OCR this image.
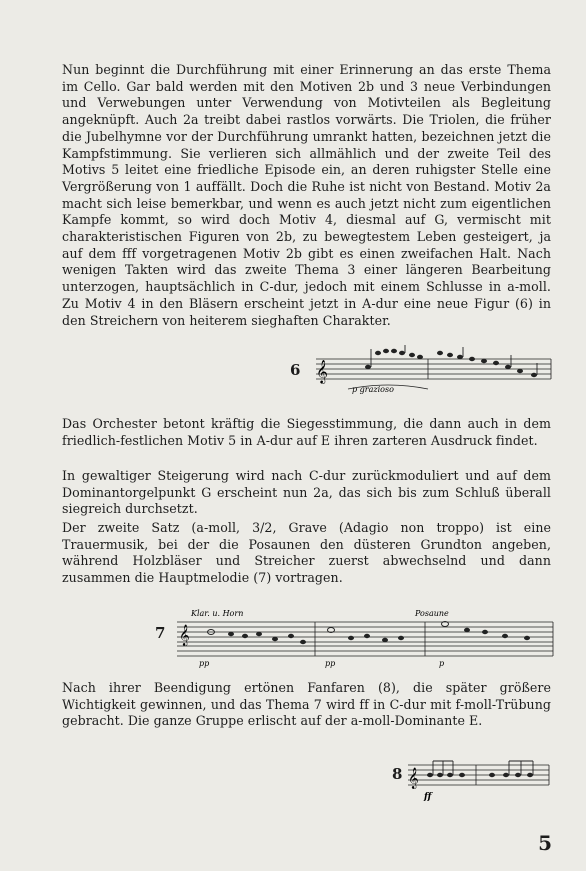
Nun beginnt die Durchführung mit einer Erinnerung an das erste Thema im Cello. Gar bald werden mit den Motiven 2b und 3 neue Verbindungen und Verwebungen unter Verwendung von Motivteilen als Begleitung angeknüpft. Auch 2a treibt dabei rastlos vorwärts. Die Triolen, die früher die Jubelhymne vor der Durchführung umrankt hatten, bezeichnen jetzt die Kampfstimmung. Sie verlieren sich allmählich und der zweite Teil des Motivs 5 leitet eine friedliche Episode ein, an deren ruhigster Stelle eine Vergrößerung von 1 auffällt. Doch die Ruhe ist nicht von Bestand. Motiv 2a macht sich leise bemerkbar, und wenn es auch jetzt nicht zum eigentlichen Kampfe kommt, so wird doch Motiv 4, diesmal auf G, vermischt mit charakteristischen Figuren von 2b, zu bewegtestem Leben gesteigert, ja auf dem fff vorgetragenen Motiv 2b gibt es einen zweifachen Halt. Nach wenigen Takten wird das zweite Thema 3 einer längeren Bearbeitung unterzogen, hauptsächlich in C-dur, jedoch mit einem Schlusse in a-moll. Zu Motiv 4 in den Bläsern erscheint jetzt in A-dur eine neue Figur (6) in den Streichern von heiterem sieghaften Charakter.

6 𝄞
p grazioso

Das Orchester betont kräftig die Siegesstimmung, die dann auch in dem friedlich-festlichen Motiv 5 in A-dur auf E ihren zarteren Ausdruck findet.

In gewaltiger Steigerung wird nach C-dur zurückmoduliert und auf dem Dominantorgelpunkt G erscheint nun 2a, das sich bis zum Schluß überall siegreich durchsetzt.

Der zweite Satz (a-moll, 3/2, Grave (Adagio non troppo) ist eine Trauermusik, bei der die Posaunen den düsteren Grundton angeben, während Holzbläser und Streicher zuerst abwechselnd und dann zusammen die Hauptmelodie (7) vortragen.

7 𝄞
Klar. u. Horn	Posaune
pp	pp	p

Nach ihrer Beendigung ertönen Fanfaren (8), die später größere Wichtigkeit gewinnen, und das Thema 7 wird ff in C-dur mit f-moll-Trübung gebracht. Die ganze Gruppe erlischt auf der a-moll-Dominante E.

8 𝄞
ff
5
